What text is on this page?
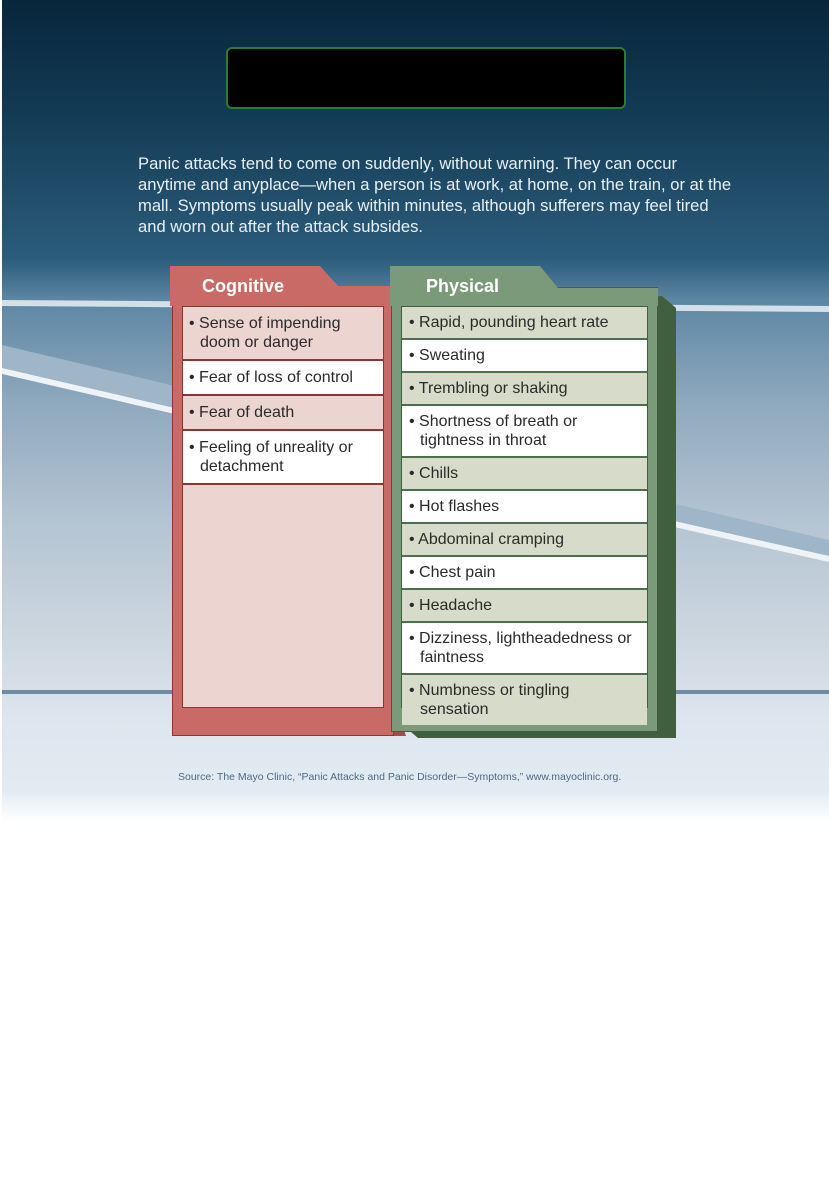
Panic attacks tend to come on suddenly, without warning. They can occur anytime and anyplace—when a person is at work, at home, on the train, or at the mall. Symptoms usually peak within minutes, although sufferers may feel tired and worn out after the attack subsides.

Cognitive
• Sense of impending doom or danger
• Fear of loss of control
• Fear of death
• Feeling of unreality or detachment
Physical
• Rapid, pounding heart rate
• Sweating
• Trembling or shaking
• Shortness of breath or tightness in throat
• Chills
• Hot flashes
• Abdominal cramping
• Chest pain
• Headache
• Dizziness, lightheadedness or faintness
• Numbness or tingling sensation
Source: The Mayo Clinic, “Panic Attacks and Panic Disorder—Symptoms,” www.mayoclinic.org.
